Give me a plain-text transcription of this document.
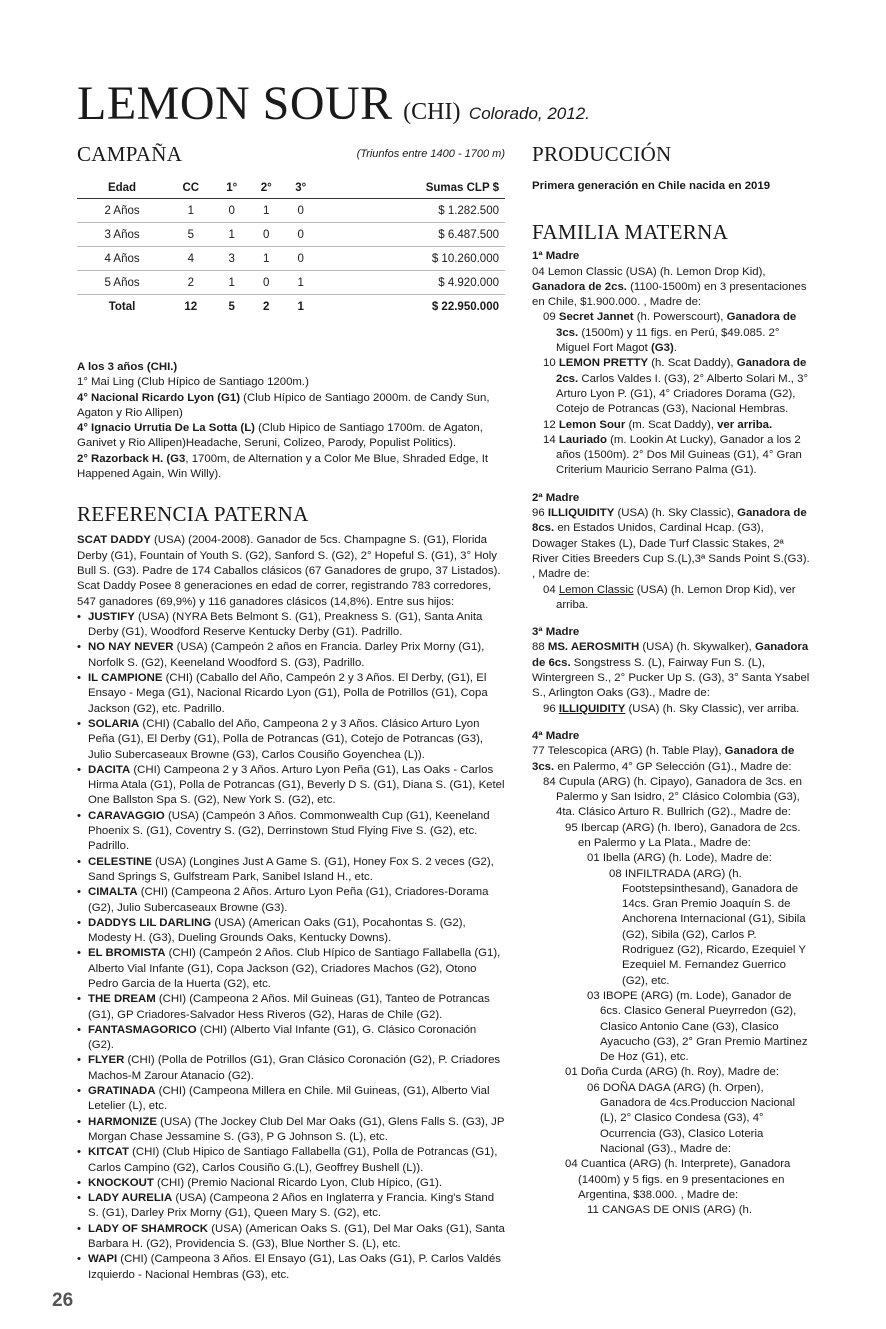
LEMON SOUR (CHI) Colorado, 2012.
CAMPAÑA	(Triunfos entre 1400 - 1700 m)
Edad	CC	1°	2°	3°	Sumas CLP $
2 Años	1	0	1	0	$ 1.282.500
3 Años	5	1	0	0	$ 6.487.500
4 Años	4	3	1	0	$ 10.260.000
5 Años	2	1	0	1	$ 4.920.000
Total	12	5	2	1	$ 22.950.000
A los 3 años (CHI.)
1° Mai Ling (Club Hípico de Santiago 1200m.)
4° Nacional Ricardo Lyon (G1) (Club Hípico de Santiago 2000m. de Candy Sun, Agaton y Rio Allipen)
4° Ignacio Urrutia De La Sotta (L) (Club Hipico de Santiago 1700m. de Agaton, Ganivet y Rio Allipen)Headache, Seruni, Colizeo, Parody, Populist Politics).
2° Razorback H. (G3, 1700m, de Alternation y a Color Me Blue, Shraded Edge, It Happened Again, Win Willy).
REFERENCIA PATERNA
SCAT DADDY (USA) (2004-2008). Ganador de 5cs. Champagne S. (G1), Florida Derby (G1), Fountain of Youth S. (G2), Sanford S. (G2), 2° Hopeful S. (G1), 3° Holy Bull S. (G3). Padre de 174 Caballos clásicos (67 Ganadores de grupo, 37 Listados). Scat Daddy Posee 8 generaciones en edad de correr, registrando 783 corredores, 547 ganadores (69,9%) y 116 ganadores clásicos (14,8%). Entre sus hijos:
• JUSTIFY (USA) (NYRA Bets Belmont S. (G1), Preakness S. (G1), Santa Anita Derby (G1), Woodford Reserve Kentucky Derby (G1). Padrillo.
• NO NAY NEVER (USA) (Campeón 2 años en Francia. Darley Prix Morny (G1), Norfolk S. (G2), Keeneland Woodford S. (G3), Padrillo.
• IL CAMPIONE (CHI) (Caballo del Año, Campeón 2 y 3 Años. El Derby, (G1), El Ensayo - Mega (G1), Nacional Ricardo Lyon (G1), Polla de Potrillos (G1), Copa Jackson (G2), etc. Padrillo.
• SOLARIA (CHI) (Caballo del Año, Campeona 2 y 3 Años. Clásico Arturo Lyon Peña (G1), El Derby (G1), Polla de Potrancas (G1), Cotejo de Potrancas (G3), Julio Subercaseaux Browne (G3), Carlos Cousiño Goyenchea (L)).
• DACITA (CHI) Campeona 2 y 3 Años. Arturo Lyon Peña (G1), Las Oaks - Carlos Hirma Atala (G1), Polla de Potrancas (G1), Beverly D S. (G1), Diana S. (G1), Ketel One Ballston Spa S. (G2), New York S. (G2), etc.
• CARAVAGGIO (USA) (Campeón 3 Años. Commonwealth Cup (G1), Keeneland Phoenix S. (G1), Coventry S. (G2), Derrinstown Stud Flying Five S. (G2), etc. Padrillo.
• CELESTINE (USA) (Longines Just A Game S. (G1), Honey Fox S. 2 veces (G2), Sand Springs S, Gulfstream Park, Sanibel Island H., etc.
• CIMALTA (CHI) (Campeona 2 Años. Arturo Lyon Peña (G1), Criadores-Dorama (G2), Julio Subercaseaux Browne (G3).
• DADDYS LIL DARLING (USA) (American Oaks (G1), Pocahontas S. (G2), Modesty H. (G3), Dueling Grounds Oaks, Kentucky Downs).
• EL BROMISTA (CHI) (Campeón 2 Años. Club Hípico de Santiago Fallabella (G1), Alberto Vial Infante (G1), Copa Jackson (G2), Criadores Machos (G2), Otono Pedro Garcia de la Huerta (G2), etc.
• THE DREAM (CHI) (Campeona 2 Años. Mil Guineas (G1), Tanteo de Potrancas (G1), GP Criadores-Salvador Hess Riveros (G2), Haras de Chile (G2).
• FANTASMAGORICO (CHI) (Alberto Vial Infante (G1), G. Clásico Coronación (G2).
• FLYER (CHI) (Polla de Potrillos (G1), Gran Clásico Coronación (G2), P. Criadores Machos-M Zarour Atanacio (G2).
• GRATINADA (CHI) (Campeona Millera en Chile. Mil Guineas, (G1), Alberto Vial Letelier (L), etc.
• HARMONIZE (USA) (The Jockey Club Del Mar Oaks (G1), Glens Falls S. (G3), JP Morgan Chase Jessamine S. (G3), P G Johnson S. (L), etc.
• KITCAT (CHI) (Club Hipico de Santiago Fallabella (G1), Polla de Potrancas (G1), Carlos Campino (G2), Carlos Cousiño G.(L), Geoffrey Bushell (L)).
• KNOCKOUT (CHI) (Premio Nacional Ricardo Lyon, Club Hípico, (G1).
• LADY AURELIA (USA) (Campeona 2 Años en Inglaterra y Francia. King's Stand S. (G1), Darley Prix Morny (G1), Queen Mary S. (G2), etc.
• LADY OF SHAMROCK (USA) (American Oaks S. (G1), Del Mar Oaks (G1), Santa Barbara H. (G2), Providencia S. (G3), Blue Norther S. (L), etc.
• WAPI (CHI) (Campeona 3 Años. El Ensayo (G1), Las Oaks (G1), P. Carlos Valdés Izquierdo - Nacional Hembras (G3), etc.
PRODUCCIÓN
Primera generación en Chile nacida en 2019
FAMILIA MATERNA
1ª Madre
04 Lemon Classic (USA) (h. Lemon Drop Kid), Ganadora de 2cs. (1100-1500m) en 3 presentaciones en Chile, $1.900.000. , Madre de:
09 Secret Jannet (h. Powerscourt), Ganadora de 3cs. (1500m) y 11 figs. en Perú, $49.085. 2° Miguel Fort Magot (G3).
10 LEMON PRETTY (h. Scat Daddy), Ganadora de 2cs. Carlos Valdes I. (G3), 2° Alberto Solari M., 3° Arturo Lyon P. (G1), 4° Criadores Dorama (G2), Cotejo de Potrancas (G3), Nacional Hembras.
12 Lemon Sour (m. Scat Daddy), ver arriba.
14 Lauriado (m. Lookin At Lucky), Ganador a los 2 años (1500m). 2° Dos Mil Guineas (G1), 4° Gran Criterium Mauricio Serrano Palma (G1).
2ª Madre
96 ILLIQUIDITY (USA) (h. Sky Classic), Ganadora de 8cs. en Estados Unidos, Cardinal Hcap. (G3), Dowager Stakes (L), Dade Turf Classic Stakes, 2ª River Cities Breeders Cup S.(L),3ª Sands Point S.(G3). , Madre de:
04 Lemon Classic (USA) (h. Lemon Drop Kid), ver arriba.
3ª Madre
88 MS. AEROSMITH (USA) (h. Skywalker), Ganadora de 6cs. Songstress S. (L), Fairway Fun S. (L), Wintergreen S., 2° Pucker Up S. (G3), 3° Santa Ysabel S., Arlington Oaks (G3)., Madre de:
96 ILLIQUIDITY (USA) (h. Sky Classic), ver arriba.
4ª Madre
77 Telescopica (ARG) (h. Table Play), Ganadora de 3cs. en Palermo, 4° GP Selección (G1)., Madre de:
84 Cupula (ARG) (h. Cipayo), Ganadora de 3cs. en Palermo y San Isidro, 2° Clásico Colombia (G3), 4ta. Clásico Arturo R. Bullrich (G2)., Madre de:
95 Ibercap (ARG) (h. Ibero), Ganadora de 2cs. en Palermo y La Plata., Madre de:
01 Ibella (ARG) (h. Lode), Madre de:
08 INFILTRADA (ARG) (h. Footstepsinthesand), Ganadora de 14cs. Gran Premio Joaquín S. de Anchorena Internacional (G1), Sibila (G2), Sibila (G2), Carlos P. Rodriguez (G2), Ricardo, Ezequiel Y Ezequiel M. Fernandez Guerrico (G2), etc.
03 IBOPE (ARG) (m. Lode), Ganador de 6cs. Clasico General Pueyrredon (G2), Clasico Antonio Cane (G3), Clasico Ayacucho (G3), 2° Gran Premio Martinez De Hoz (G1), etc.
01 Doña Curda (ARG) (h. Roy), Madre de:
06 DOÑA DAGA (ARG) (h. Orpen), Ganadora de 4cs.Produccion Nacional (L), 2° Clasico Condesa (G3), 4° Ocurrencia (G3), Clasico Loteria Nacional (G3)., Madre de:
04 Cuantica (ARG) (h. Interprete), Ganadora (1400m) y 5 figs. en 9 presentaciones en Argentina, $38.000. , Madre de:
11 CANGAS DE ONIS (ARG) (h.
26
